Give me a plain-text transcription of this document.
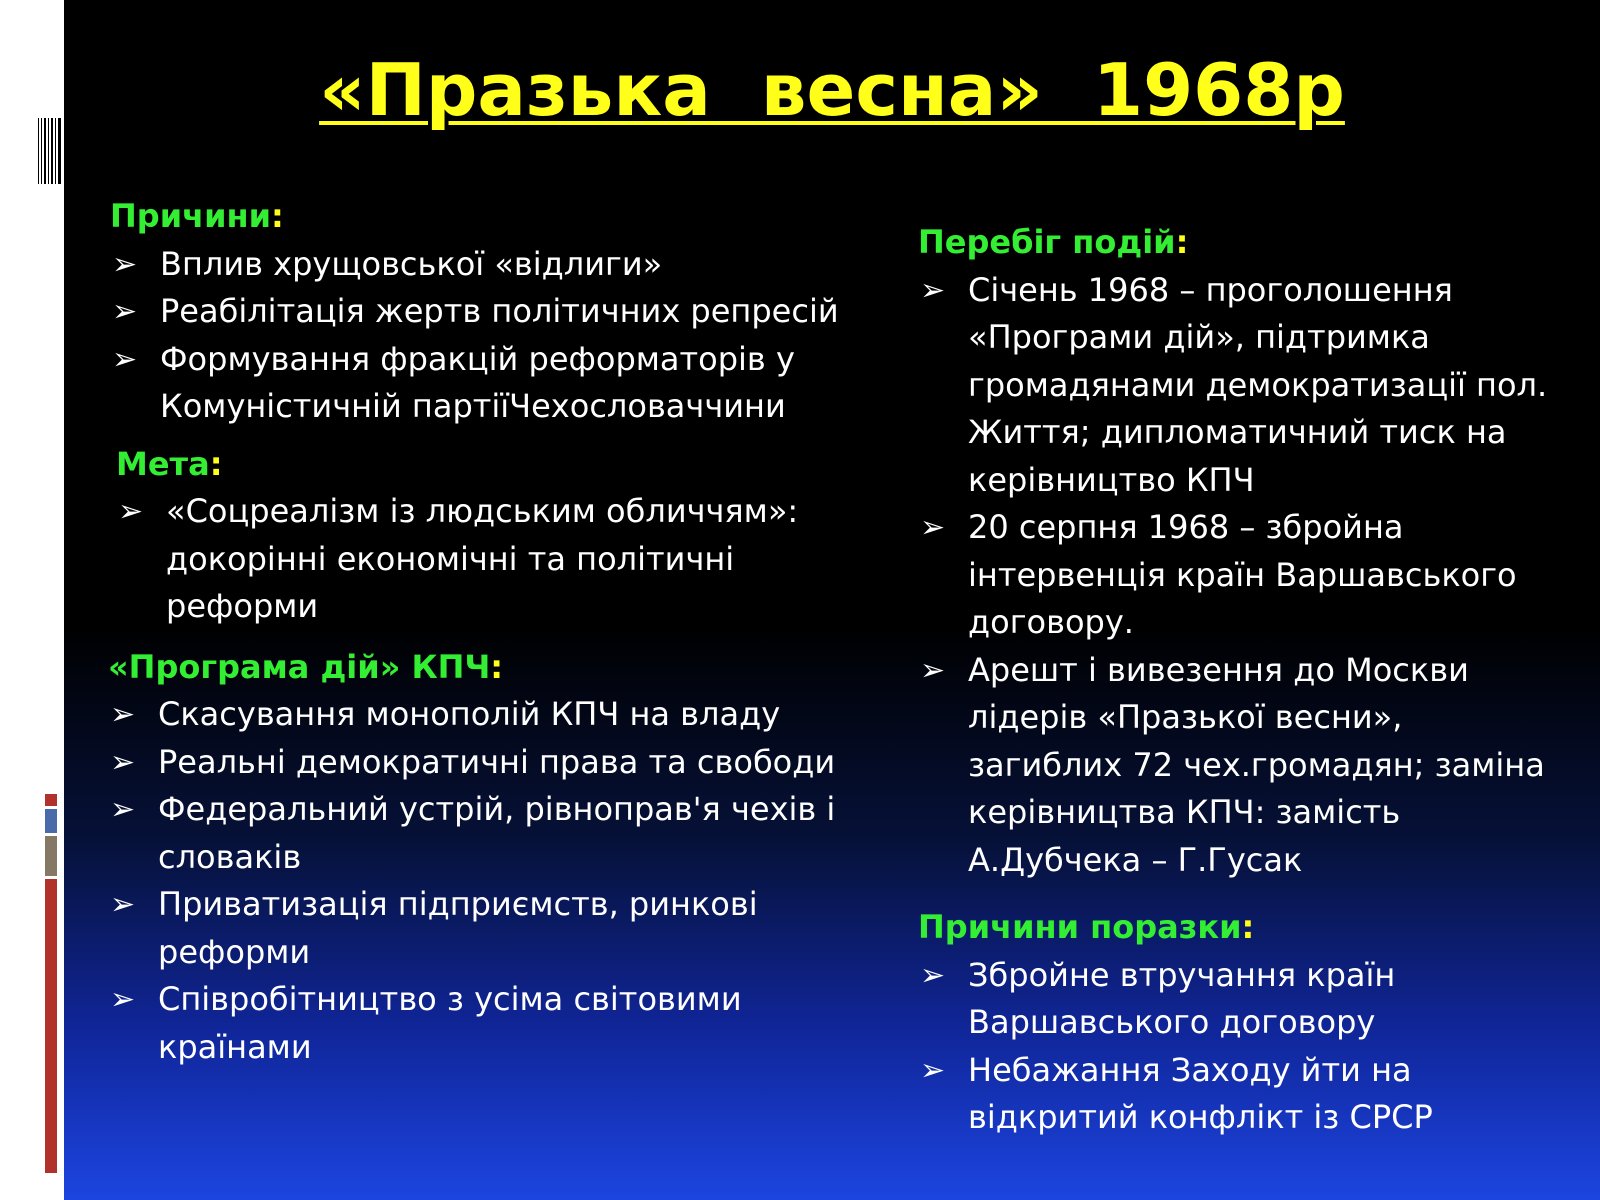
«Празька  весна»  1968р
Причини:
➢ Вплив хрущовської «відлиги»
➢ Реабілітація жертв політичних репресій
➢ Формування фракцій реформаторів у Комуністичній партіїЧехословаччини
Мета:
➢ «Соцреалізм із людським обличчям»: докорінні економічні та політичні реформи
«Програма дій» КПЧ:
➢ Скасування монополій КПЧ на владу
➢ Реальні демократичні права та свободи
➢ Федеральний устрій, рівноправ'я чехів і словаків
➢ Приватизація підприємств, ринкові реформи
➢ Співробітництво з усіма світовими країнами
Перебіг подій:
➢ Січень 1968 – проголошення «Програми дій», підтримка громадянами демократизації пол. Життя; дипломатичний тиск на керівництво КПЧ
➢ 20 серпня 1968 – збройна інтервенція країн Варшавського договору.
➢ Арешт і вивезення до Москви лідерів «Празької весни», загиблих 72 чех.громадян; заміна керівництва КПЧ: замість А.Дубчека – Г.Гусак
Причини поразки:
➢ Збройне втручання країн Варшавського договору
➢ Небажання Заходу йти на відкритий конфлікт із СРСР
